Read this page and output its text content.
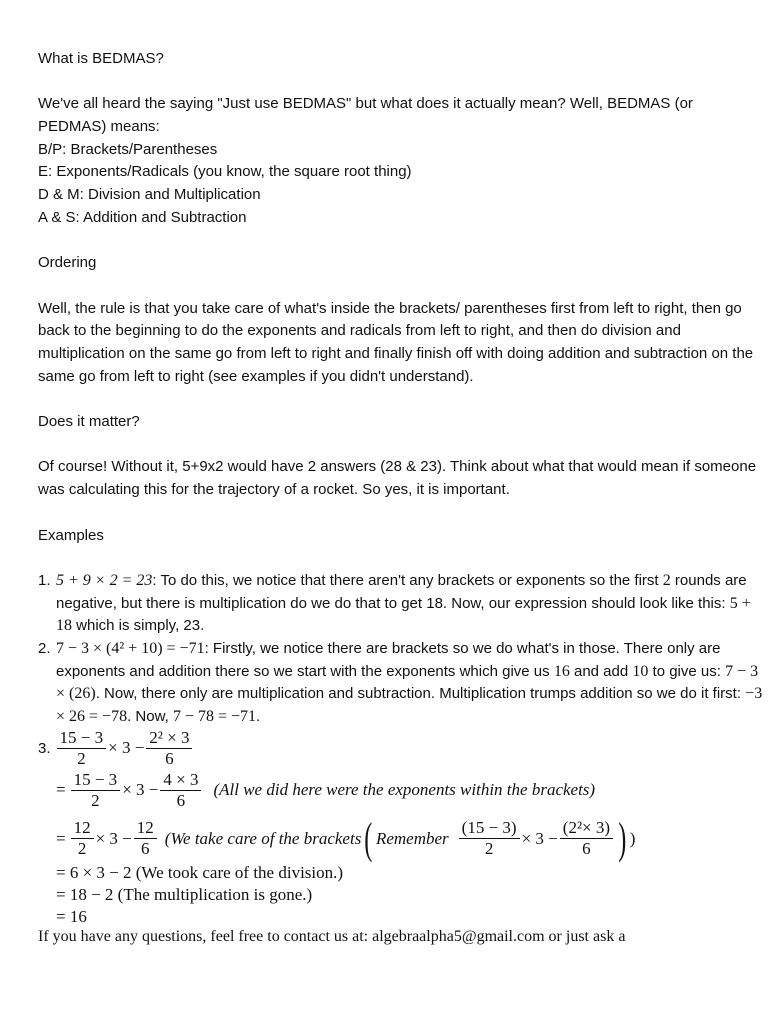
What is BEDMAS?

We've all heard the saying "Just use BEDMAS" but what does it actually mean? Well, BEDMAS (or PEDMAS) means:

B/P: Brackets/Parentheses

E: Exponents/Radicals (you know, the square root thing)

D & M: Division and Multiplication

A & S: Addition and Subtraction

Ordering

Well, the rule is that you take care of what's inside the brackets/ parentheses first from left to right, then go back to the beginning to do the exponents and radicals from left to right, and then do division and multiplication on the same go from left to right and finally finish off with doing addition and subtraction on the same go from left to right (see examples if you didn't understand).

Does it matter?

Of course! Without it, 5+9x2 would have 2 answers (28 & 23). Think about what that would mean if someone was calculating this for the trajectory of a rocket. So yes, it is important.

Examples

1. 5 + 9 × 2 = 23: To do this, we notice that there aren't any brackets or exponents so the first 2 rounds are negative, but there is multiplication do we do that to get 18. Now, our expression should look like this: 5 + 18 which is simply, 23.
2. 7 − 3 × (4² + 10) = −71: Firstly, we notice there are brackets so we do what's in those. There only are exponents and addition there so we start with the exponents which give us 16 and add 10 to give us: 7 − 3 × (26). Now, there only are multiplication and subtraction. Multiplication trumps addition so we do it first: −3 × 26 = −78. Now, 7 − 78 = −71.
3. $\frac{15 - 3}{2} \times 3 - \frac{\text{2² × 3}}{6}$
= $\frac{15 - 3}{2} \times 3 - \frac{4 \times 3}{6} (All$ we did here were the exponents within the brackets)
= $\frac{12}{2} \times 3 - \frac{12}{6} (We$ take care of the brackets ( Remember $\frac{(15 - 3)}{2} \times 3 - \frac{\text{(2²× 3)}}{6}$ ) )
= 6 × 3 − 2 (We took care of the division.)
= 18 − 2 (The multiplication is gone.)
= 16
If you have any questions, feel free to contact us at: algebraalpha5@gmail.com or just ask a
